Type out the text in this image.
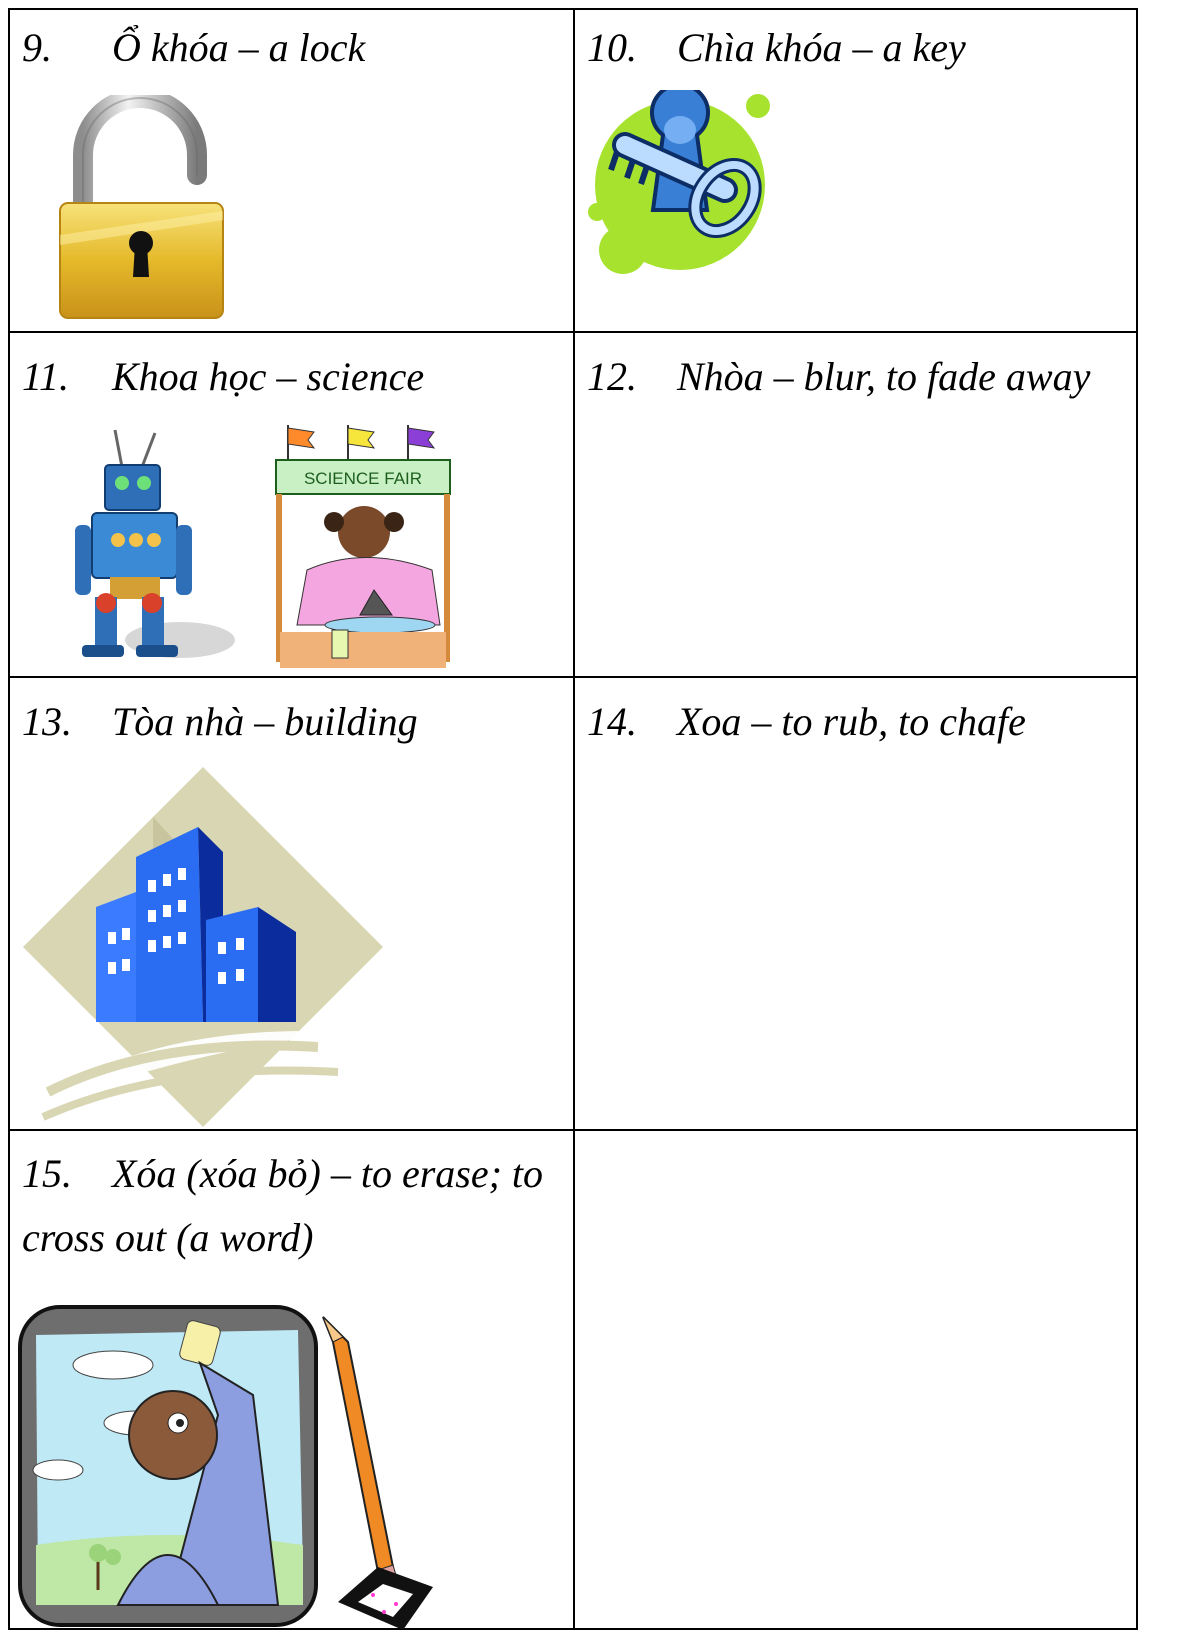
9. Ổ khóa – a lock	10. Chìa khóa – a key
11. Khoa học – science
SCIENCE FAIR
12. Nhòa – blur, to fade away
13. Tòa nhà – building	14. Xoa – to rub, to chafe
15. Xóa (xóa bỏ) – to erase; to
cross out (a word)
